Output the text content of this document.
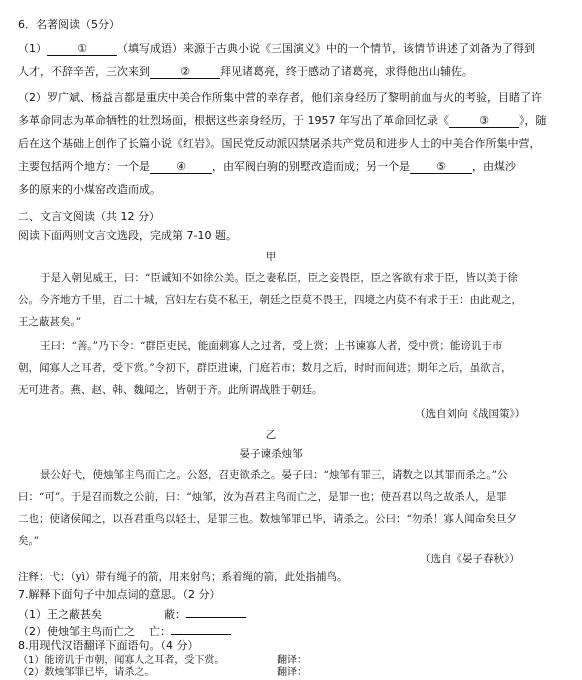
6．名著阅读（5分）
（1）	①	（填写成语）来源于古典小说《三国演义》中的一个情节，该情节讲述了刘备为了得到
人才，不辞辛苦，三次来到	②	拜见诸葛亮，终于感动了诸葛亮，求得他出山辅佐。
（2）罗广斌、杨益言都是重庆中美合作所集中营的幸存者，他们亲身经历了黎明前血与火的考验，目睹了许
多革命同志为革命牺牲的壮烈场面，根据这些亲身经历，于 1957 年写出了革命回忆录《	③	》，随
后在这个基础上创作了长篇小说《红岩》。国民党反动派囚禁屠杀共产党员和进步人士的中美合作所集中营，
主要包括两个地方：一个是 ④ ，由军阀白驹的别墅改造而成；另一个是 ⑤ ，由煤沙
多的原来的小煤窑改造而成。
二、文言文阅读（共 12 分）
阅读下面两则文言文选段，完成第 7-10 题。
甲
于是入朝见威王，曰：“臣诚知不如徐公美。臣之妻私臣，臣之妾畏臣，臣之客欲有求于臣，皆以美于徐
公。今齐地方千里，百二十城，宫妇左右莫不私王，朝廷之臣莫不畏王，四境之内莫不有求于王：由此观之，
王之蔽甚矣。”
王曰：“善。”乃下令：“群臣吏民，能面刺寡人之过者，受上赏；上书谏寡人者，受中赏；能谤讥于市
朝，闻寡人之耳者，受下赏。”令初下，群臣进谏，门庭若市；数月之后，时时而间进；期年之后，虽欲言，
无可进者。燕、赵、韩、魏闻之，皆朝于齐。此所谓战胜于朝廷。
（选自刘向《战国策》）
乙
晏子谏杀烛邹
景公好弋，使烛邹主鸟而亡之。公怒，召吏欲杀之。晏子曰：“烛邹有罪三，请数之以其罪而杀之。”公
曰：“可”。于是召而数之公前，曰：“烛邹，汝为吾君主鸟而亡之，是罪一也；使吾君以鸟之故杀人，是罪
二也；使诸侯闻之，以吾君重鸟以轻士，是罪三也。数烛邹罪已毕，请杀之。公曰：“勿杀！寡人闻命矣旦夕
矣。”
（选自《晏子春秋》）
注释：弋：（yì）带有绳子的箭，用来射鸟；系着绳的箭，此处指捕鸟。
7.解释下面句子中加点词的意思。（2 分）
（1）王之蔽甚矣	蔽：
（2）使烛邹主鸟而亡之 亡：
8.用现代汉语翻译下面语句。（4 分）
（1）能谤讥于市朝，闻寡人之耳者，受下赏。	翻译：
（2）数烛邹罪已毕，请杀之。	翻译：
